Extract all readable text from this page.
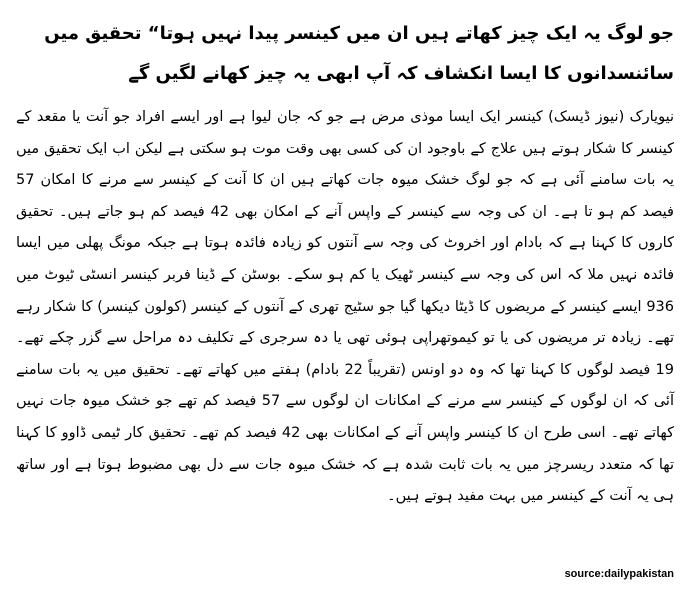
جو لوگ یہ ایک چیز کھاتے ہیں ان میں کینسر پیدا نہیں ہوتا“ تحقیق میں سائنسدانوں کا ایسا انکشاف کہ آپ ابھی یہ چیز کھانے لگیں گے

نیویارک (نیوز ڈیسک) کینسر ایک ایسا موذی مرض ہے جو کہ جان لیوا ہے اور ایسے افراد جو آنت یا مقعد کے کینسر کا شکار ہوتے ہیں علاج کے باوجود ان کی کسی بھی وقت موت ہو سکتی ہے لیکن اب ایک تحقیق میں یہ بات سامنے آئی ہے کہ جو لوگ خشک میوہ جات کھاتے ہیں ان کا آنت کے کینسر سے مرنے کا امکان 57 فیصد کم ہو تا ہے۔ ان کی وجہ سے کینسر کے واپس آنے کے امکان بھی 42 فیصد کم ہو جاتے ہیں۔ تحقیق کاروں کا کہنا ہے کہ بادام اور اخروٹ کی وجہ سے آنتوں کو زیادہ فائدہ ہوتا ہے جبکہ مونگ پھلی میں ایسا فائدہ نہیں ملا کہ اس کی وجہ سے کینسر ٹھیک یا کم ہو سکے۔ بوسٹن کے ڈینا فربر کینسر انسٹی ٹیوٹ میں 936 ایسے کینسر کے مریضوں کا ڈیٹا دیکھا گیا جو سٹیج تھری کے آنتوں کے کینسر (کولون کینسر) کا شکار رہے تھے۔ زیادہ تر مریضوں کی یا تو کیموتھراپی ہوئی تھی یا دہ سرجری کے تکلیف دہ مراحل سے گزر چکے تھے۔ 19 فیصد لوگوں کا کہنا تھا کہ وہ دو اونس (تقریباً 22 بادام) ہفتے میں کھاتے تھے۔ تحقیق میں یہ بات سامنے آئی کہ ان لوگوں کے کینسر سے مرنے کے امکانات ان لوگوں سے 57 فیصد کم تھے جو خشک میوہ جات نہیں کھاتے تھے۔ اسی طرح ان کا کینسر واپس آنے کے امکانات بھی 42 فیصد کم تھے۔ تحقیق کار ٹیمی ڈاوو کا کہنا تھا کہ متعدد ریسرچز میں یہ بات ثابت شدہ ہے کہ خشک میوہ جات سے دل بھی مضبوط ہوتا ہے اور ساتھ ہی یہ آنت کے کینسر میں بہت مفید ہوتے ہیں۔

source:dailypakistan
